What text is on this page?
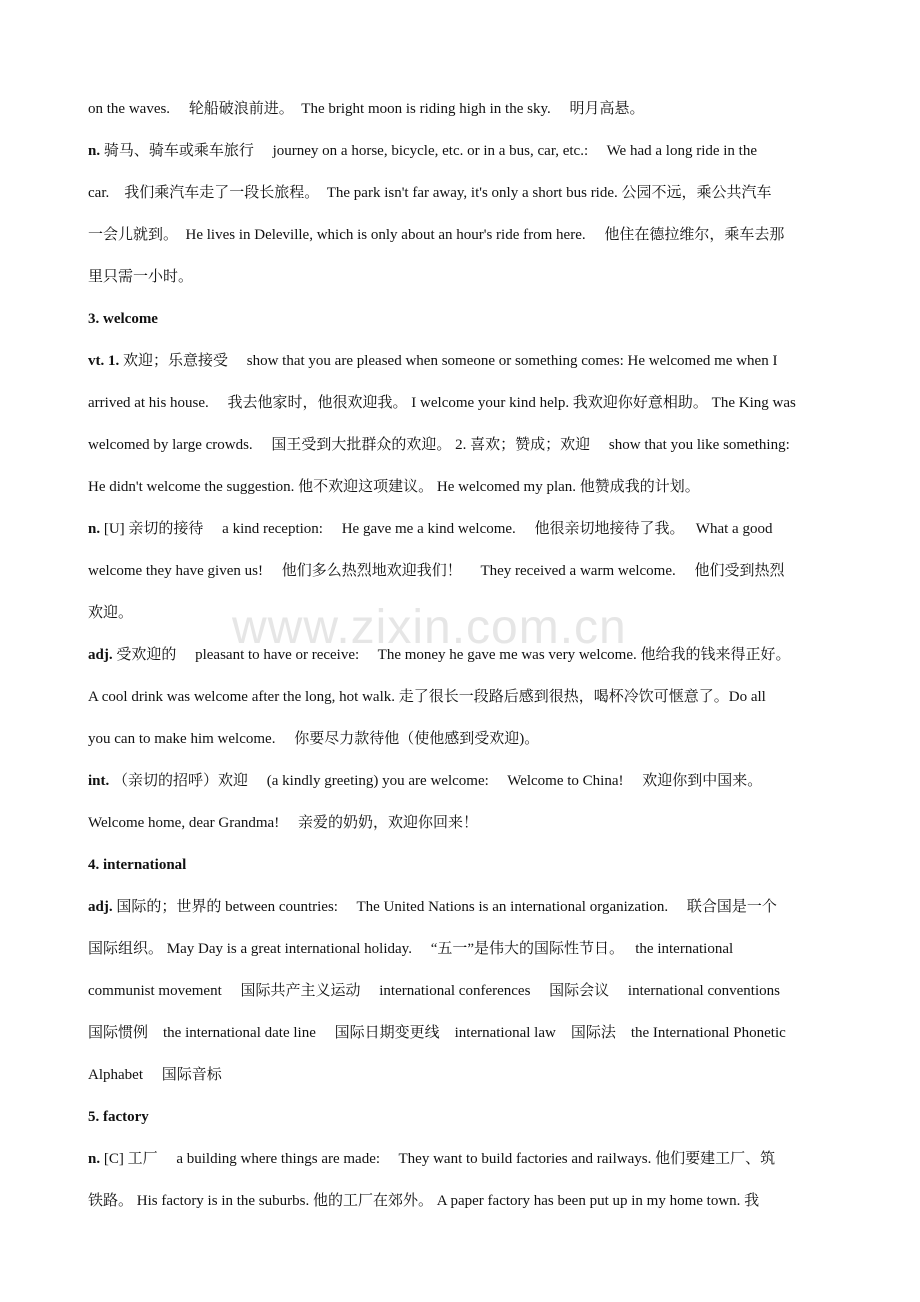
www.zixin.com.cn
on the waves.　 轮船破浪前进。　The bright moon is riding high in the sky.　 明月高悬。
n. 骑马、骑车或乘车旅行　 journey on a horse, bicycle, etc. or in a bus, car, etc.:　 We had a long ride in the
car.　我们乘汽车走了一段长旅程。　The park isn't far away, it's only a short bus ride. 公园不远，乘公共汽车
一会儿就到。　He lives in Deleville, which is only about an hour's ride from here.　 他住在德拉维尔，乘车去那
里只需一小时。
3. welcome
vt. 1. 欢迎；乐意接受　 show that you are pleased when someone or something comes: He welcomed me when I
arrived at his house.　 我去他家时，他很欢迎我。 I welcome your kind help. 我欢迎你好意相助。 The King was
welcomed by large crowds.　 国王受到大批群众的欢迎。 2. 喜欢；赞成；欢迎　 show that you like something:
He didn't welcome the suggestion. 他不欢迎这项建议。 He welcomed my plan. 他赞成我的计划。
n. [U] 亲切的接待　 a kind reception:　 He gave me a kind welcome.　 他很亲切地接待了我。　 What a good
welcome they have given us!　 他们多么热烈地欢迎我们！　 They received a warm welcome.　 他们受到热烈
欢迎。
adj. 受欢迎的　 pleasant to have or receive:　 The money he gave me was very welcome. 他给我的钱来得正好。
A cool drink was welcome after the long, hot walk. 走了很长一段路后感到很热，喝杯冷饮可惬意了。Do all
you can to make him welcome.　 你要尽力款待他（使他感到受欢迎)。
int. （亲切的招呼）欢迎　 (a kindly greeting) you are welcome:　 Welcome to China!　 欢迎你到中国来。
Welcome home, dear Grandma!　 亲爱的奶奶，欢迎你回来！
4. international
adj. 国际的；世界的 between countries:　 The United Nations is an international organization.　 联合国是一个
国际组织。 May Day is a great international holiday.　 “五一”是伟大的国际性节日。　 the international
communist movement　 国际共产主义运动　 international conferences　 国际会议　 international conventions
国际惯例　the international date line　 国际日期变更线　international law　国际法　the International Phonetic
Alphabet　 国际音标
5. factory
n. [C] 工厂　 a building where things are made:　 They want to build factories and railways. 他们要建工厂、筑
铁路。 His factory is in the suburbs. 他的工厂在郊外。 A paper factory has been put up in my home town. 我
